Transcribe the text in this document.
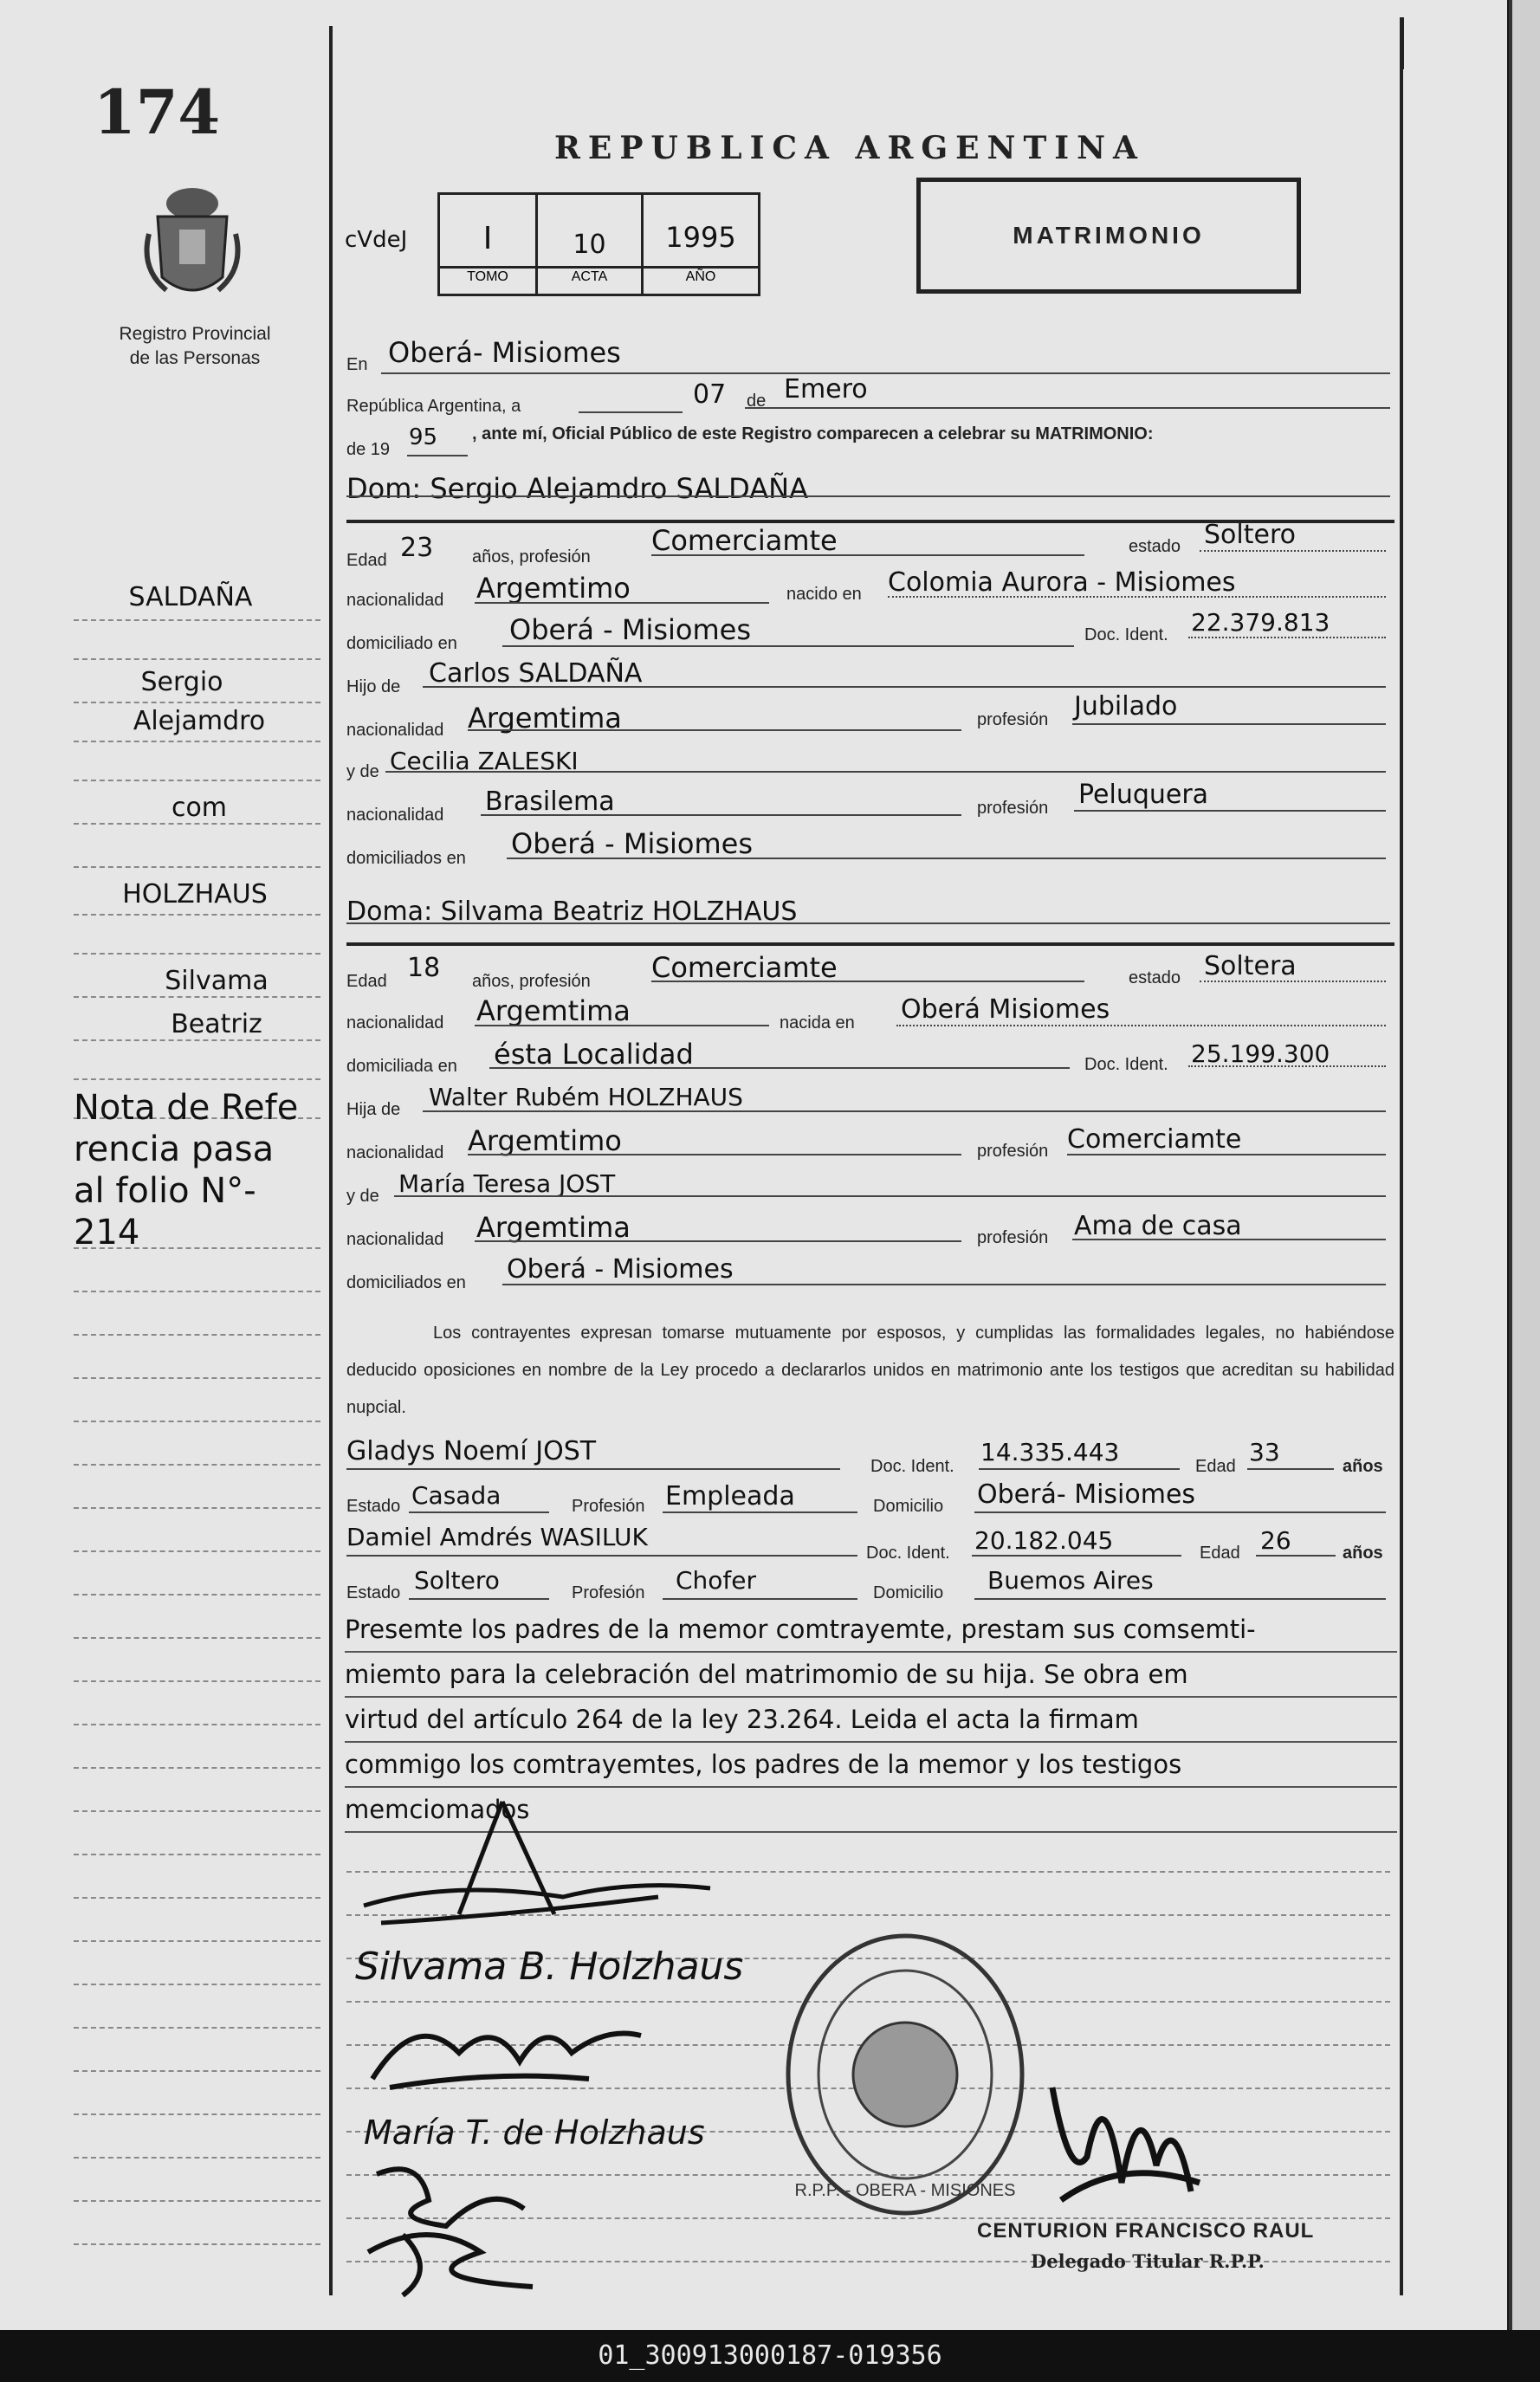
174
Registro Provincial
de las Personas
SALDAÑA
Sergio
Alejamdro
com
HOLZHAUS
Silvama
Beatriz
Nota de Refe
rencia pasa
al folio N°-
214
REPUBLICA ARGENTINA
cVdeJ	I	10	1995
TOMO	ACTA	AÑO
MATRIMONIO
En Oberá- Misiomes
República Argentina, a	07 de Emero
de 19 95 , ante mí, Oficial Público de este Registro comparecen a celebrar su MATRIMONIO:
Dom: Sergio Alejamdro SALDAÑA
Edad 23 años, profesión Comerciamte	estado Soltero
nacionalidad Argemtimo	nacido en Colomia Aurora - Misiomes
domiciliado en Oberá - Misiomes	Doc. Ident. 22.379.813
Hijo de Carlos SALDAÑA
nacionalidad Argemtima	profesión Jubilado
y de Cecilia ZALESKI
nacionalidad Brasilema	profesión Peluquera
domiciliados en Oberá - Misiomes
Doma: Silvama Beatriz HOLZHAUS
Edad 18 años, profesión Comerciamte	estado Soltera
nacionalidad Argemtima	nacida en Oberá Misiomes
domiciliada en ésta Localidad	Doc. Ident. 25.199.300
Hija de Walter Rubém HOLZHAUS
nacionalidad Argemtimo	profesión Comerciamte
y de María Teresa JOST
nacionalidad Argemtima	profesión Ama de casa
domiciliados en Oberá - Misiomes
Los contrayentes expresan tomarse mutuamente por esposos, y cumplidas las formalidades legales, no habiéndose deducido oposiciones en nombre de la Ley procedo a declararlos unidos en matrimonio ante los testigos que acreditan su habilidad nupcial.
Gladys Noemí JOST	Doc. Ident. 14.335.443	Edad 33	años
Estado Casada	Profesión Empleada	Domicilio Oberá- Misiomes
Damiel Amdrés WASILUK
Doc. Ident. 20.182.045	Edad 26	años
Estado Soltero	Profesión Chofer	Domicilio Buemos Aires
Presemte los padres de la memor comtrayemte, prestam sus comsemti-
miemto para la celebración del matrimomio de su hija. Se obra em
virtud del artículo 264 de la ley 23.264. Leida el acta la firmam
commigo los comtrayemtes, los padres de la memor y los testigos
memciomados
Silvama B. Holzhaus
María T. de Holzhaus
R.P.P. - OBERA - MISIONES
CENTURION FRANCISCO RAUL
Delegado Titular R.P.P.
01_300913000187-019356
